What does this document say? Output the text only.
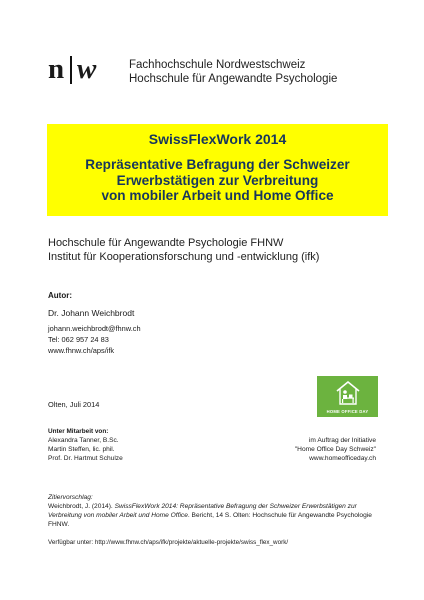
n w	Fachhochschule Nordwestschweiz
Hochschule für Angewandte Psychologie
SwissFlexWork 2014
Repräsentative Befragung der Schweizer
Erwerbstätigen zur Verbreitung
von mobiler Arbeit und Home Office
Hochschule für Angewandte Psychologie FHNW
Institut für Kooperationsforschung und -entwicklung (ifk)
Autor:
Dr. Johann Weichbrodt
johann.weichbrodt@fhnw.ch
Tel: 062 957 24 83
www.fhnw.ch/aps/ifk
HOME OFFICE DAY
Olten, Juli 2014
Unter Mitarbeit von:
Alexandra Tanner, B.Sc.
Martin Steffen, lic. phil.
Prof. Dr. Hartmut Schulze
im Auftrag der Initiative
"Home Office Day Schweiz"
www.homeofficeday.ch
Zitiervorschlag:
Weichbrodt, J. (2014). SwissFlexWork 2014: Repräsentative Befragung der Schweizer Erwerbstätigen zur Verbreitung von mobiler Arbeit und Home Office. Bericht, 14 S. Olten: Hochschule für Angewandte Psychologie FHNW.
Verfügbar unter: http://www.fhnw.ch/aps/ifk/projekte/aktuelle-projekte/swiss_flex_work/
